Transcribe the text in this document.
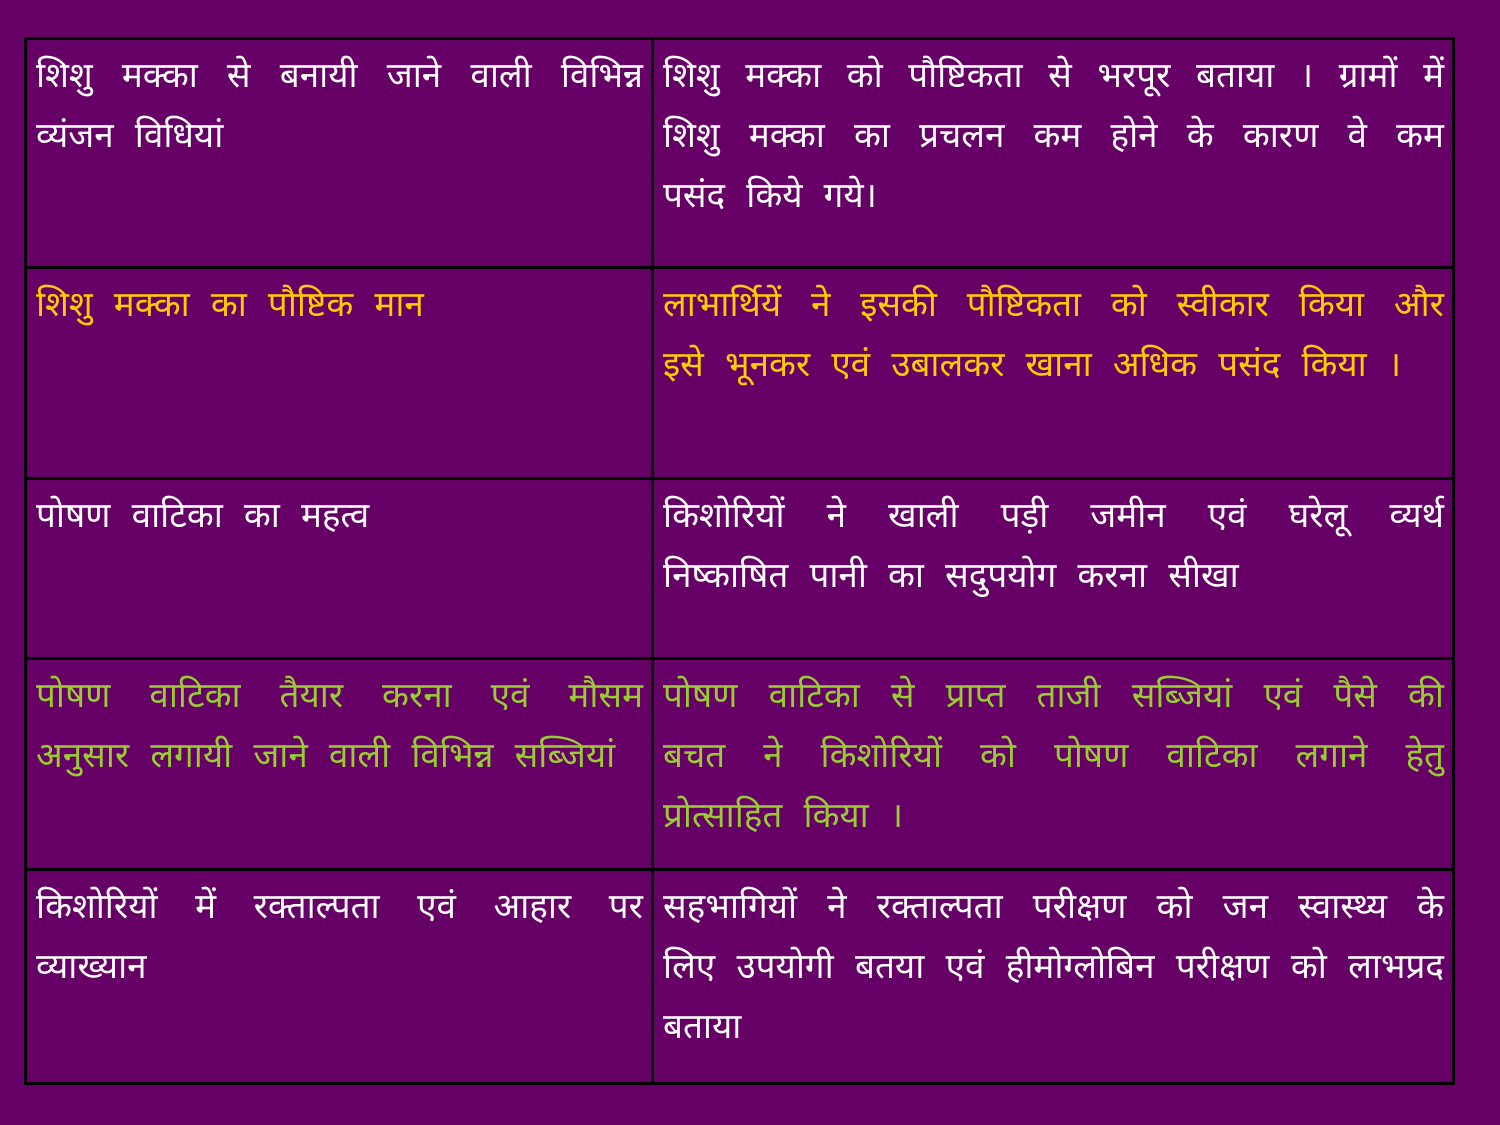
शिशु मक्का से बनायी जाने वाली विभिन्न व्यंजन विधियां	शिशु मक्का को पौष्टिकता से भरपूर बताया । ग्रामों में शिशु मक्का का प्रचलन कम होने के कारण वे कम पसंद किये गये।
शिशु मक्का का पौष्टिक मान	लाभार्थियें ने इसकी पौष्टिकता को स्वीकार किया और इसे भूनकर एवं उबालकर खाना अधिक पसंद किया ।
पोषण वाटिका का महत्व	किशोरियों ने खाली पड़ी जमीन एवं घरेलू व्यर्थ निष्काषित पानी का सदुपयोग करना सीखा
पोषण वाटिका तैयार करना एवं मौसम अनुसार लगायी जाने वाली विभिन्न सब्जियां	पोषण वाटिका से प्राप्त ताजी सब्जियां एवं पैसे की बचत ने किशोरियों को पोषण वाटिका लगाने हेतु प्रोत्साहित किया ।
किशोरियों में रक्ताल्पता एवं आहार पर व्याख्यान	सहभागियों ने रक्ताल्पता परीक्षण को जन स्वास्थ्य के लिए उपयोगी बतया एवं हीमोग्लोबिन परीक्षण को लाभप्रद बताया
